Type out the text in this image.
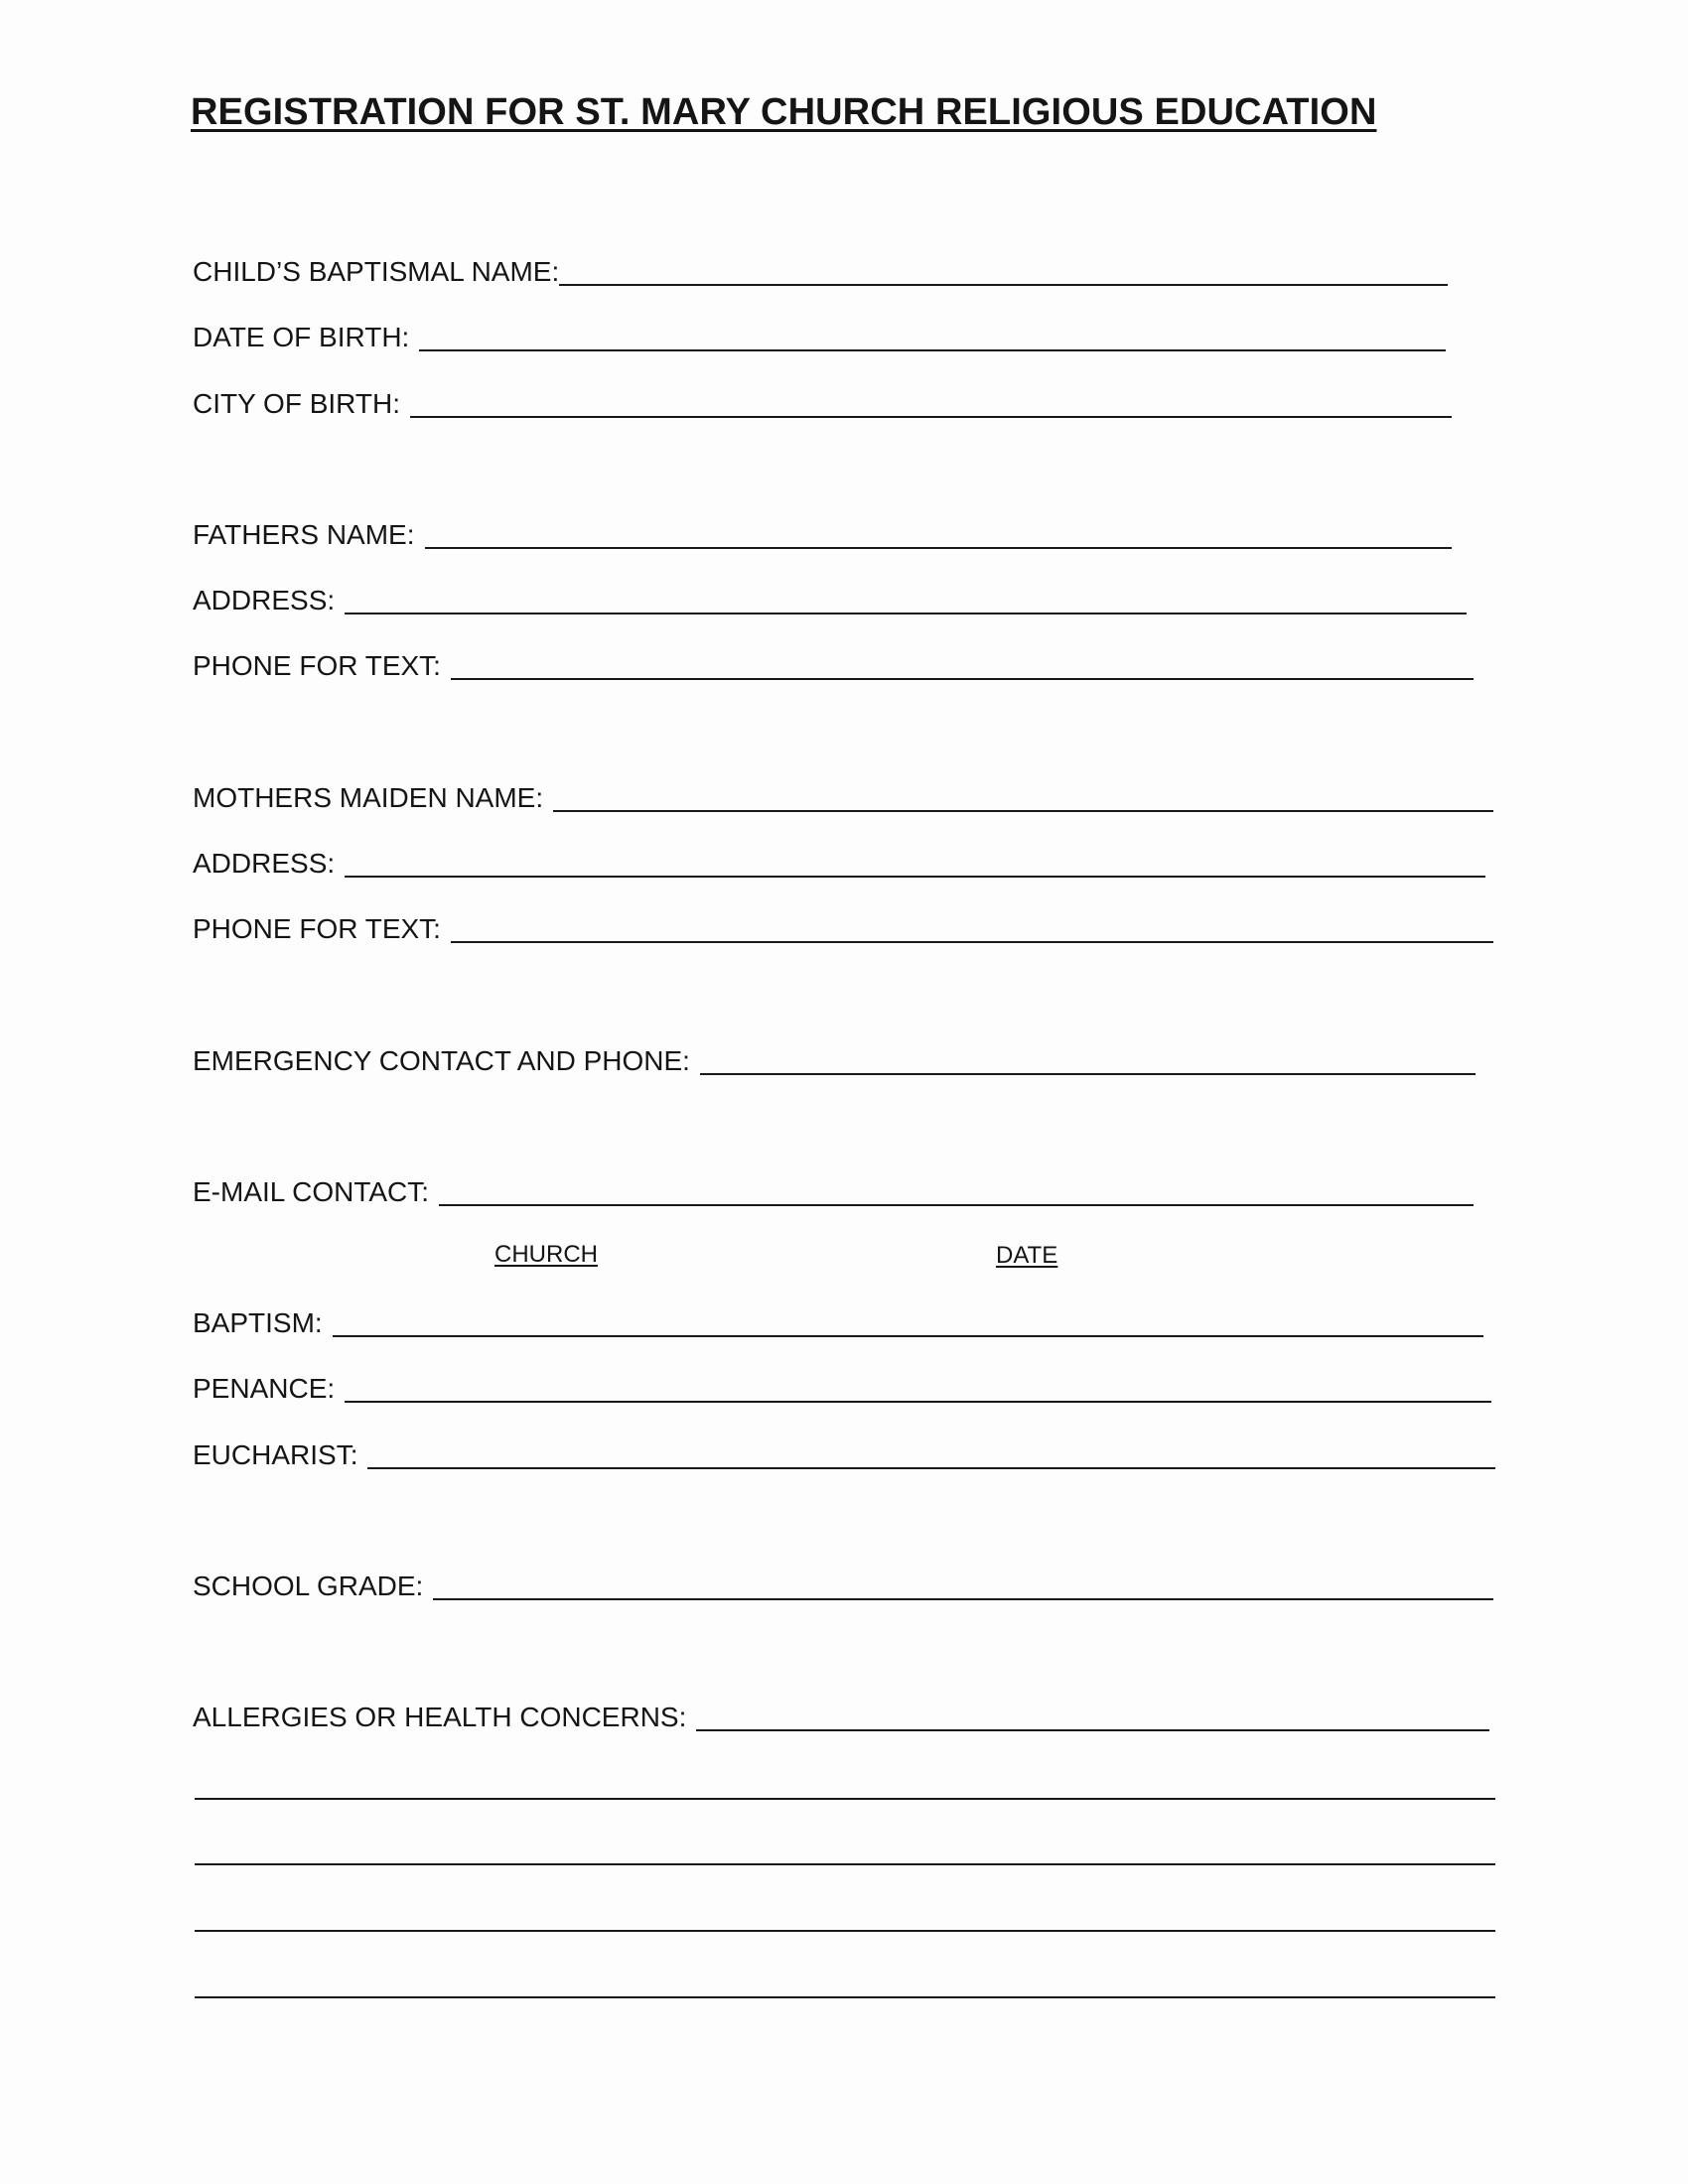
REGISTRATION FOR ST. MARY CHURCH RELIGIOUS EDUCATION
CHILD’S BAPTISMAL NAME:
DATE OF BIRTH:
CITY OF BIRTH:
FATHERS NAME:
ADDRESS:
PHONE FOR TEXT:
MOTHERS MAIDEN NAME:
ADDRESS:
PHONE FOR TEXT:
EMERGENCY CONTACT AND PHONE:
E-MAIL CONTACT:
CHURCH	DATE
BAPTISM:
PENANCE:
EUCHARIST:
SCHOOL GRADE:
ALLERGIES OR HEALTH CONCERNS:
